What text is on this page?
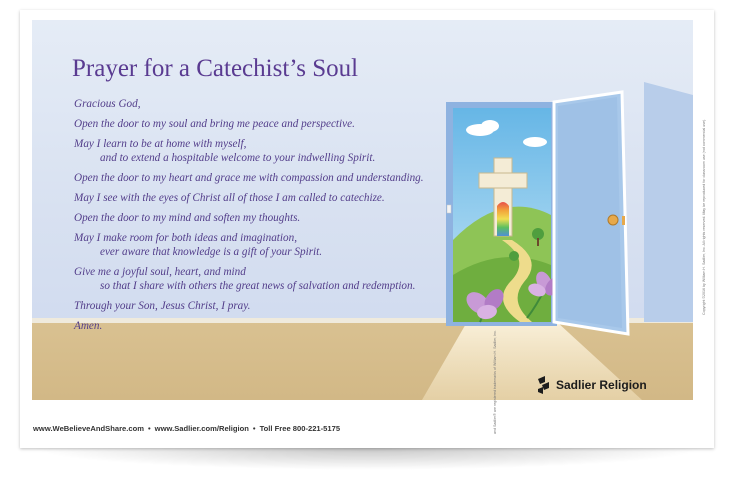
Prayer for a Catechist’s Soul
Gracious God,
Open the door to my soul and bring me peace and perspective.
May I learn to be at home with myself,
and to extend a hospitable welcome to your indwelling Spirit.
Open the door to my heart and grace me with compassion and understanding.
May I see with the eyes of Christ all of those I am called to catechize.
Open the door to my mind and soften my thoughts.
May I make room for both ideas and imagination,
ever aware that knowledge is a gift of your Spirit.
Give me a joyful soul, heart, and mind
so that I share with others the great news of salvation and redemption.
Through your Son, Jesus Christ, I pray.
Amen.
Sadlier Religion
and Sadlier® are registered trademarks of William H. Sadlier, Inc.
Copyright ©2016 by William H. Sadlier, Inc. All rights reserved. May be reproduced for classroom use (not commercial use).
www.WeBelieveAndShare.com • www.Sadlier.com/Religion • Toll Free 800-221-5175
